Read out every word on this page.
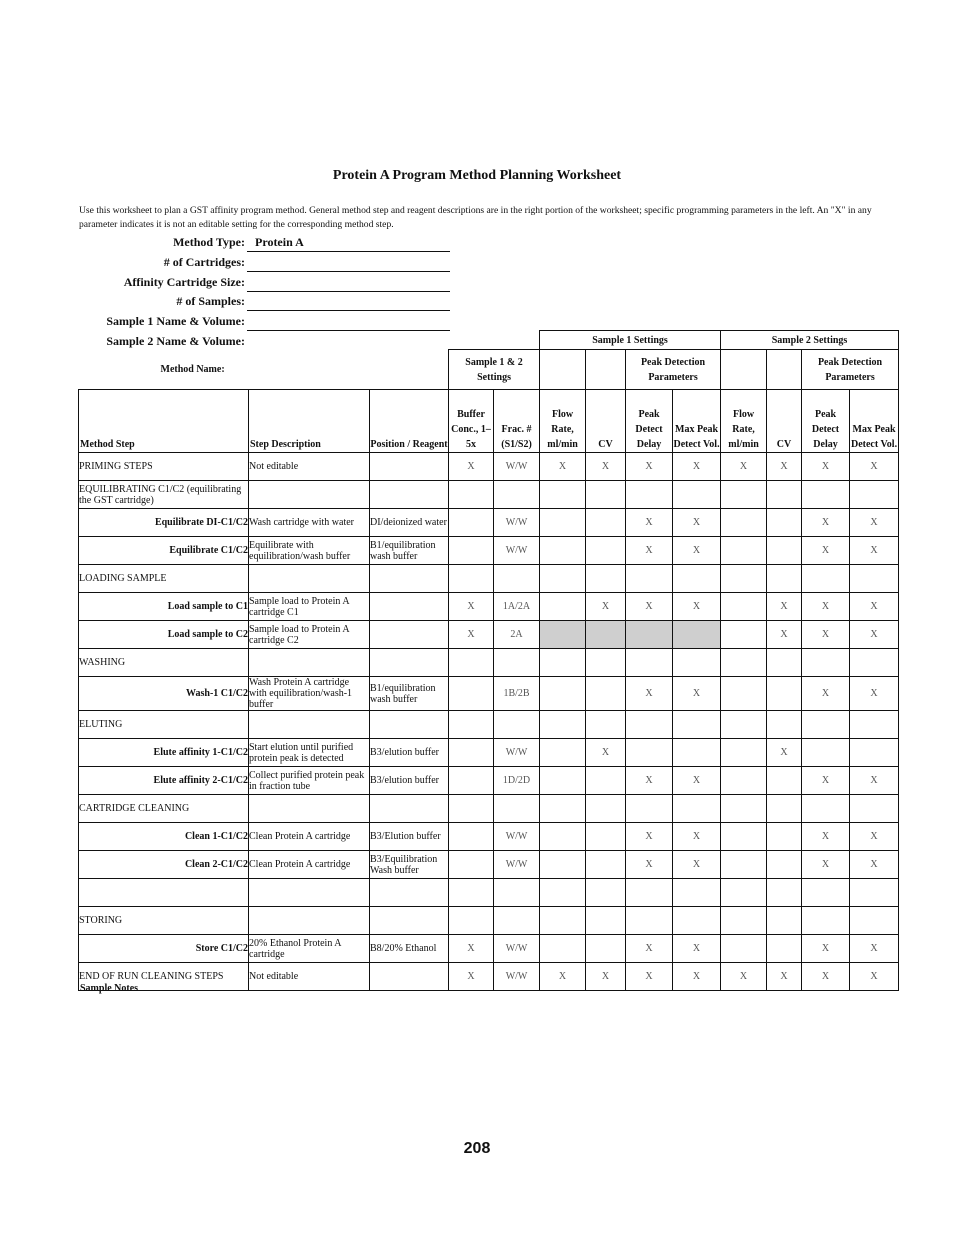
Protein A Program Method Planning Worksheet
Use this worksheet to plan a GST affinity program method. General method step and reagent descriptions are in the right portion of the worksheet; specific programming parameters in the left. An "X" in any parameter indicates it is not an editable setting for the corresponding method step.
Method Type: Protein A
# of Cartridges:
Affinity Cartridge Size:
# of Samples:
Sample 1 Name & Volume:
Sample 2 Name & Volume:
					Sample 1 Settings				Sample 2 Settings			
Method Name:			Sample 1 & 2 Settings				Peak Detection Parameters				Peak Detection Parameters	
Method Step	Step Description	Position / Reagent	Buffer Conc., 1–5x	Frac. # (S1/S2)	Flow Rate, ml/min	CV	Peak Detect Delay	Max Peak Detect Vol.	Flow Rate, ml/min	CV	Peak Detect Delay	Max Peak Detect Vol.
PRIMING STEPS	Not editable		X	W/W	X	X	X	X	X	X	X	X
EQUILIBRATING C1/C2 (equilibrating the GST cartridge)												
Equilibrate DI-C1/C2	Wash cartridge with water	DI/deionized water		W/W			X	X			X	X
Equilibrate C1/C2	Equilibrate with equilibration/wash buffer	B1/equilibration wash buffer		W/W			X	X			X	X
LOADING SAMPLE												
Load sample to C1	Sample load to Protein A cartridge C1		X	1A/2A		X	X	X		X	X	X
Load sample to C2	Sample load to Protein A cartridge C2		X	2A						X	X	X
WASHING												
Wash-1 C1/C2	Wash Protein A cartridge with equilibration/wash-1 buffer	B1/equilibration wash buffer		1B/2B			X	X			X	X
ELUTING												
Elute affinity 1-C1/C2	Start elution until purified protein peak is detected	B3/elution buffer		W/W		X				X		
Elute affinity 2-C1/C2	Collect purified protein peak in fraction tube	B3/elution buffer		1D/2D			X	X			X	X
CARTRIDGE CLEANING												
Clean 1-C1/C2	Clean Protein A cartridge	B3/Elution buffer		W/W			X	X			X	X
Clean 2-C1/C2	Clean Protein A cartridge	B3/Equilibration Wash buffer		W/W			X	X			X	X

STORING												
Store C1/C2	20% Ethanol Protein A cartridge	B8/20% Ethanol	X	W/W			X	X			X	X
END OF RUN CLEANING STEPS	Not editable		X	W/W	X	X	X	X	X	X	X	X
Sample Notes
208
